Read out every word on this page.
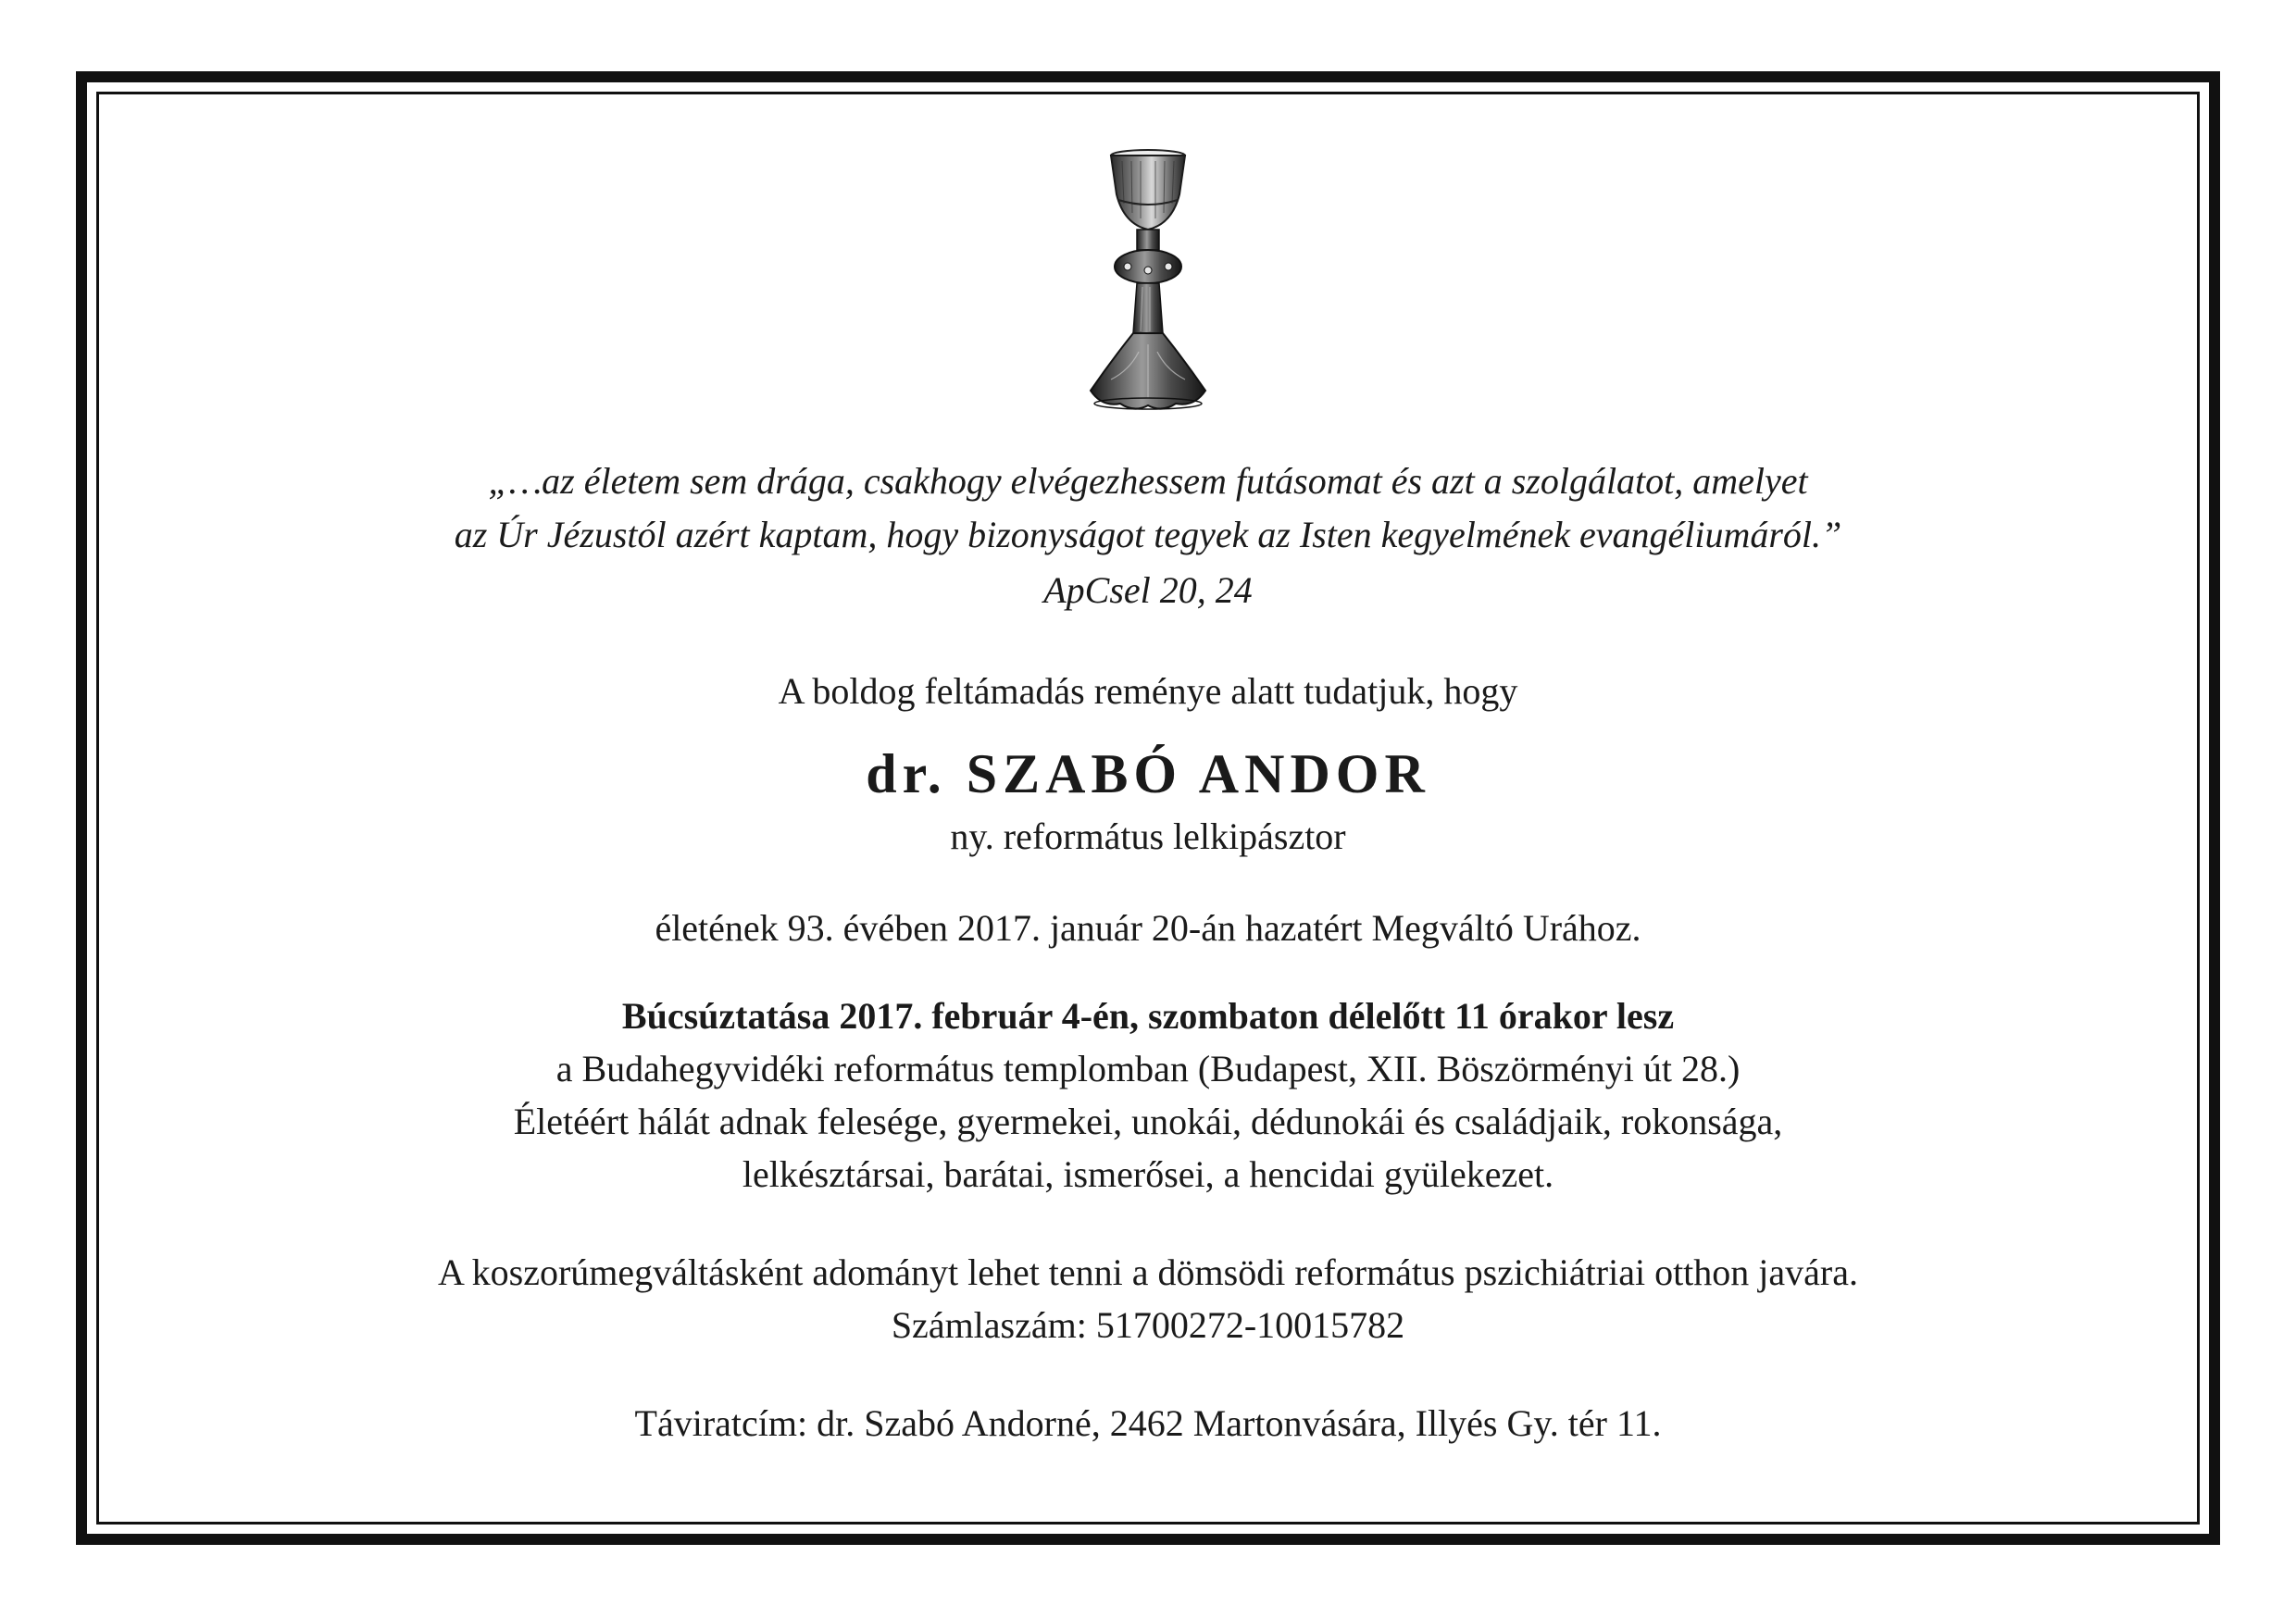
„…az életem sem drága, csakhogy elvégezhessem futásomat és azt a szolgálatot, amelyet
az Úr Jézustól azért kaptam, hogy bizonyságot tegyek az Isten kegyelmének evangéliumáról.”
ApCsel 20, 24
A boldog feltámadás reménye alatt tudatjuk, hogy
dr. SZABÓ ANDOR
ny. református lelkipásztor
életének 93. évében 2017. január 20-án hazatért Megváltó Urához.
Búcsúztatása 2017. február 4-én, szombaton délelőtt 11 órakor lesz
a Budahegyvidéki református templomban (Budapest, XII. Böszörményi út 28.)
Életéért hálát adnak felesége, gyermekei, unokái, dédunokái és családjaik, rokonsága,
lelkésztársai, barátai, ismerősei, a hencidai gyülekezet.
A koszorúmegváltásként adományt lehet tenni a dömsödi református pszichiátriai otthon javára.
Számlaszám: 51700272-10015782
Táviratcím: dr. Szabó Andorné, 2462 Martonvására, Illyés Gy. tér 11.
